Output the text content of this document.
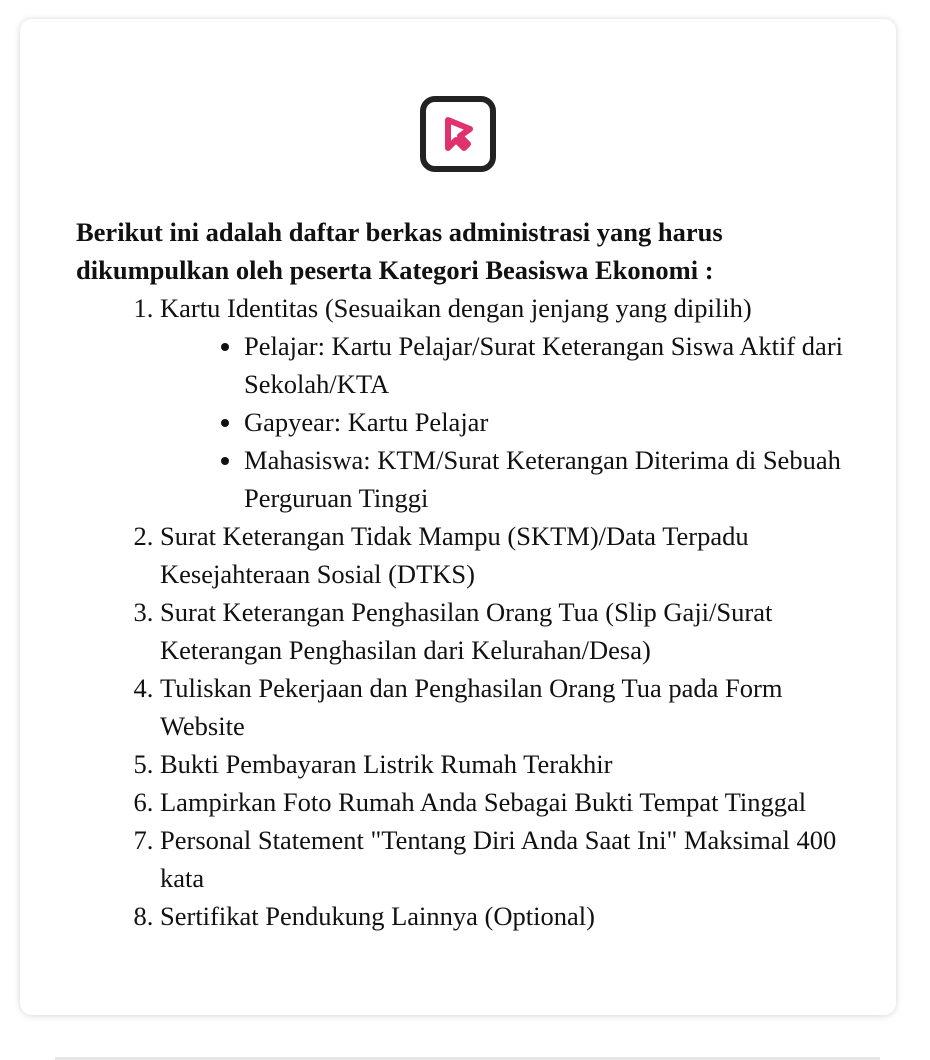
Berikut ini adalah daftar berkas administrasi yang harus dikumpulkan oleh peserta Kategori Beasiswa Ekonomi :

1. Kartu Identitas (Sesuaikan dengan jenjang yang dipilih)
• Pelajar: Kartu Pelajar/Surat Keterangan Siswa Aktif dari Sekolah/KTA
• Gapyear: Kartu Pelajar
• Mahasiswa: KTM/Surat Keterangan Diterima di Sebuah Perguruan Tinggi
2. Surat Keterangan Tidak Mampu (SKTM)/Data Terpadu Kesejahteraan Sosial (DTKS)
3. Surat Keterangan Penghasilan Orang Tua (Slip Gaji/Surat Keterangan Penghasilan dari Kelurahan/Desa)
4. Tuliskan Pekerjaan dan Penghasilan Orang Tua pada Form Website
5. Bukti Pembayaran Listrik Rumah Terakhir
6. Lampirkan Foto Rumah Anda Sebagai Bukti Tempat Tinggal
7. Personal Statement "Tentang Diri Anda Saat Ini" Maksimal 400 kata
8. Sertifikat Pendukung Lainnya (Optional)
